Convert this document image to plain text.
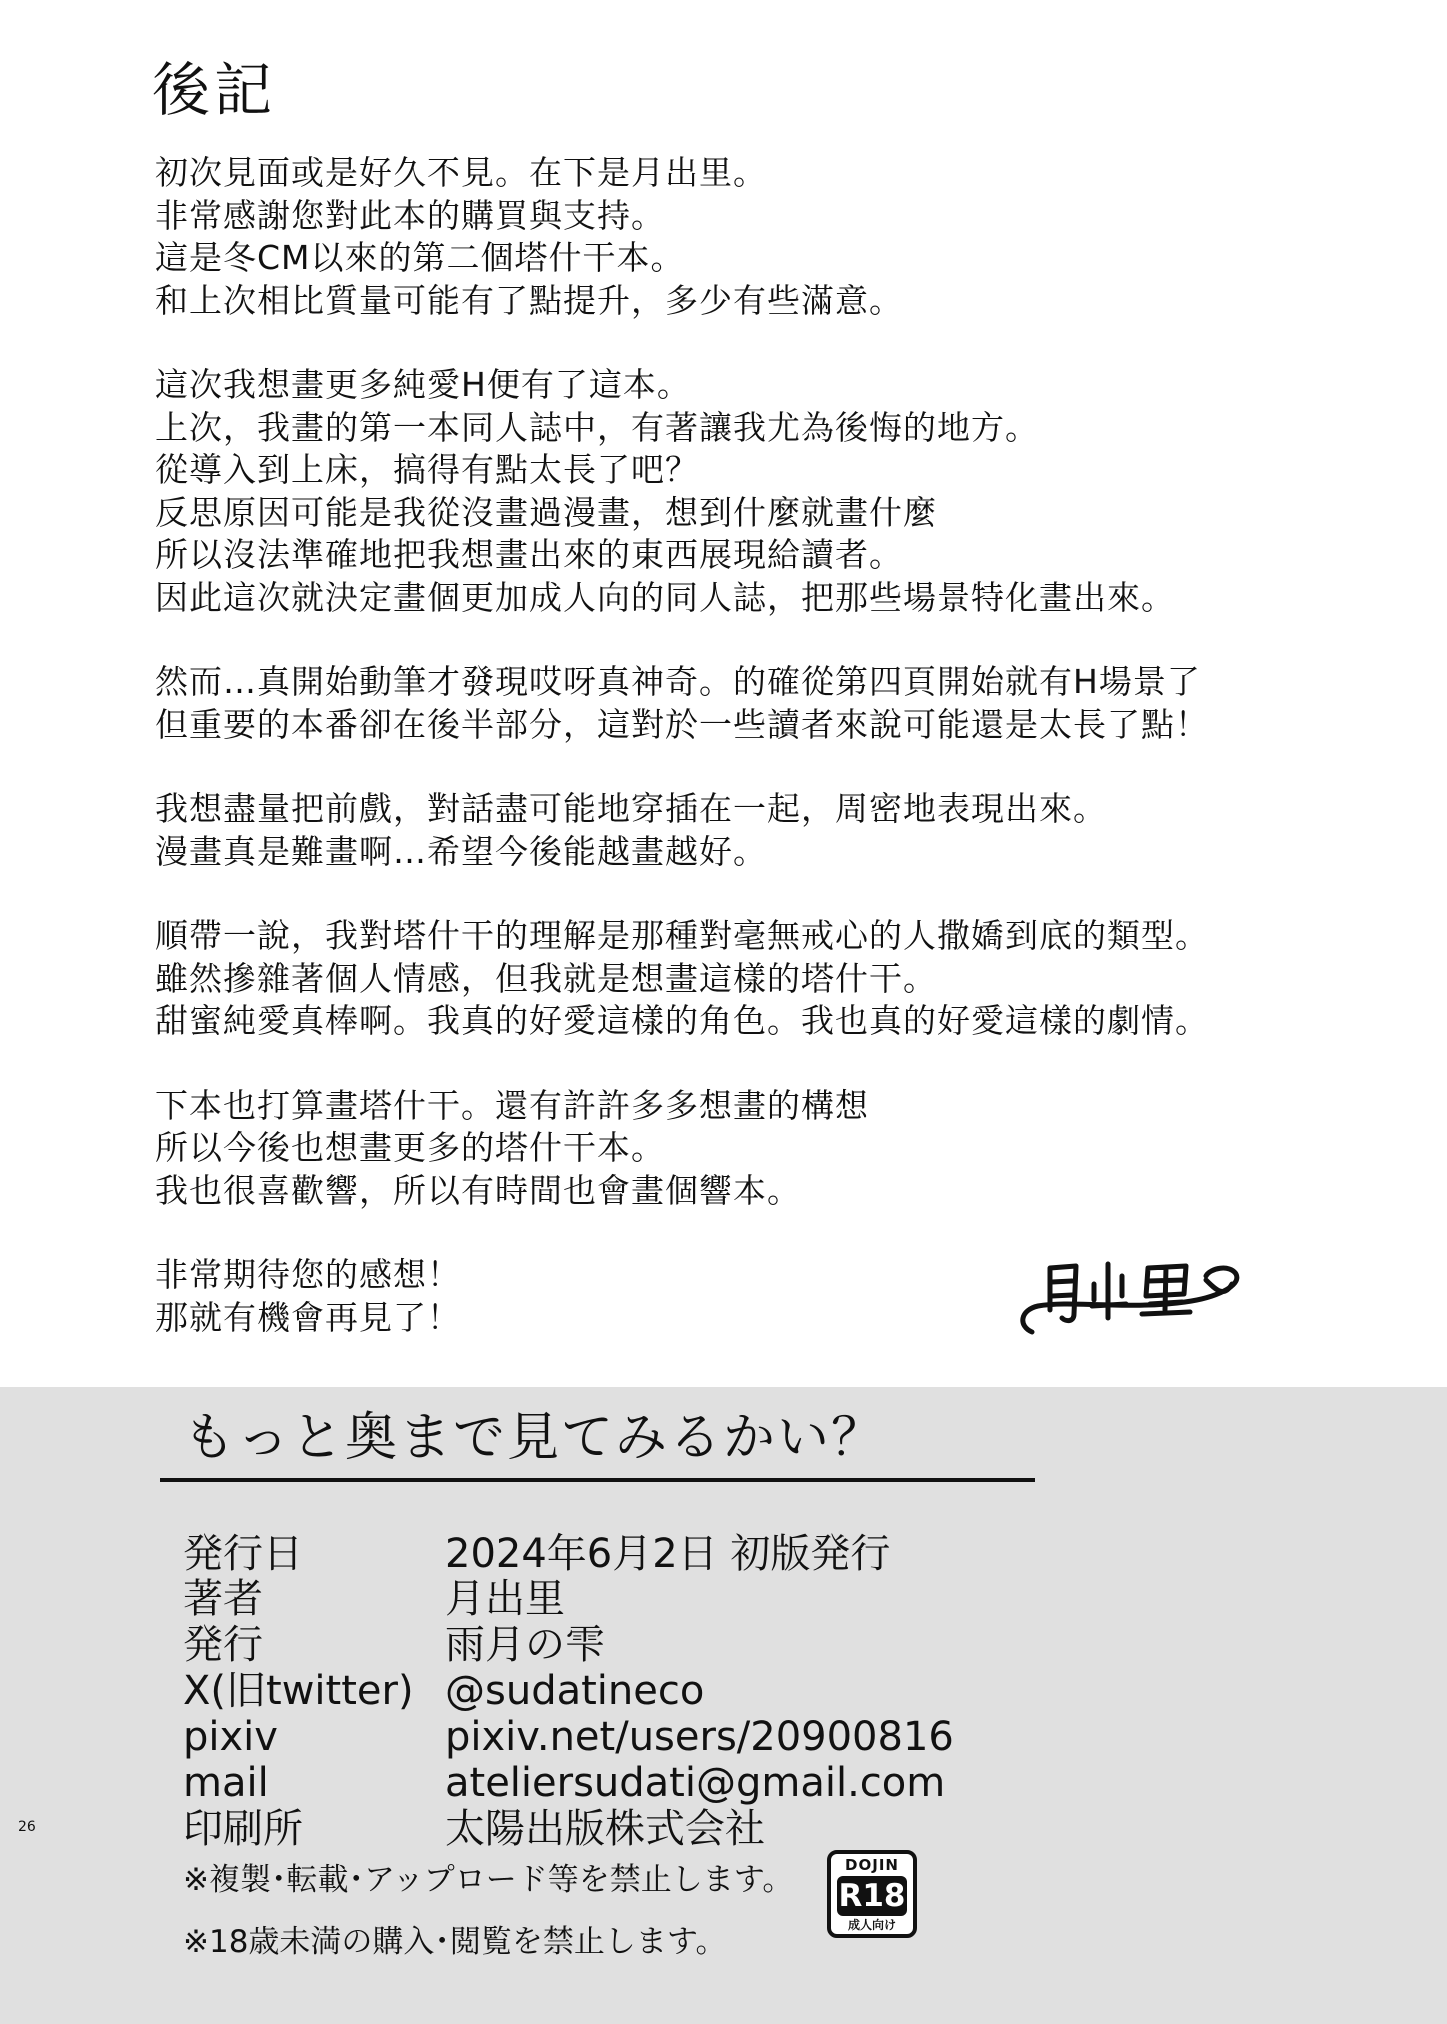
後記
初次見面或是好久不見。在下是月出里。
非常感謝您對此本的購買與支持。
這是冬CM以來的第二個塔什干本。
和上次相比質量可能有了點提升，多少有些滿意。
這次我想畫更多純愛H便有了這本。
上次，我畫的第一本同人誌中，有著讓我尤為後悔的地方。
從導入到上床，搞得有點太長了吧？
反思原因可能是我從沒畫過漫畫，想到什麼就畫什麼
所以沒法準確地把我想畫出來的東西展現給讀者。
因此這次就決定畫個更加成人向的同人誌，把那些場景特化畫出來。
然而…真開始動筆才發現哎呀真神奇。的確從第四頁開始就有H場景了
但重要的本番卻在後半部分，這對於一些讀者來說可能還是太長了點！
我想盡量把前戲，對話盡可能地穿插在一起，周密地表現出來。
漫畫真是難畫啊…希望今後能越畫越好。
順帶一說，我對塔什干的理解是那種對毫無戒心的人撒嬌到底的類型。
雖然摻雜著個人情感，但我就是想畫這樣的塔什干。
甜蜜純愛真棒啊。我真的好愛這樣的角色。我也真的好愛這樣的劇情。
下本也打算畫塔什干。還有許許多多想畫的構想
所以今後也想畫更多的塔什干本。
我也很喜歡響，所以有時間也會畫個響本。
非常期待您的感想！
那就有機會再見了！
もっと奥まで見てみるかい？
発行日	2024年6月2日 初版発行
著者	月出里
発行	雨月の雫
X(旧twitter) @sudatineco
pixiv	pixiv.net/users/20900816
mail	ateliersudati@gmail.com
印刷所	太陽出版株式会社
26
※複製･転載･アップロード等を禁止します。
※18歳未満の購入･閲覧を禁止します。
DOJIN
R18
成人向け
